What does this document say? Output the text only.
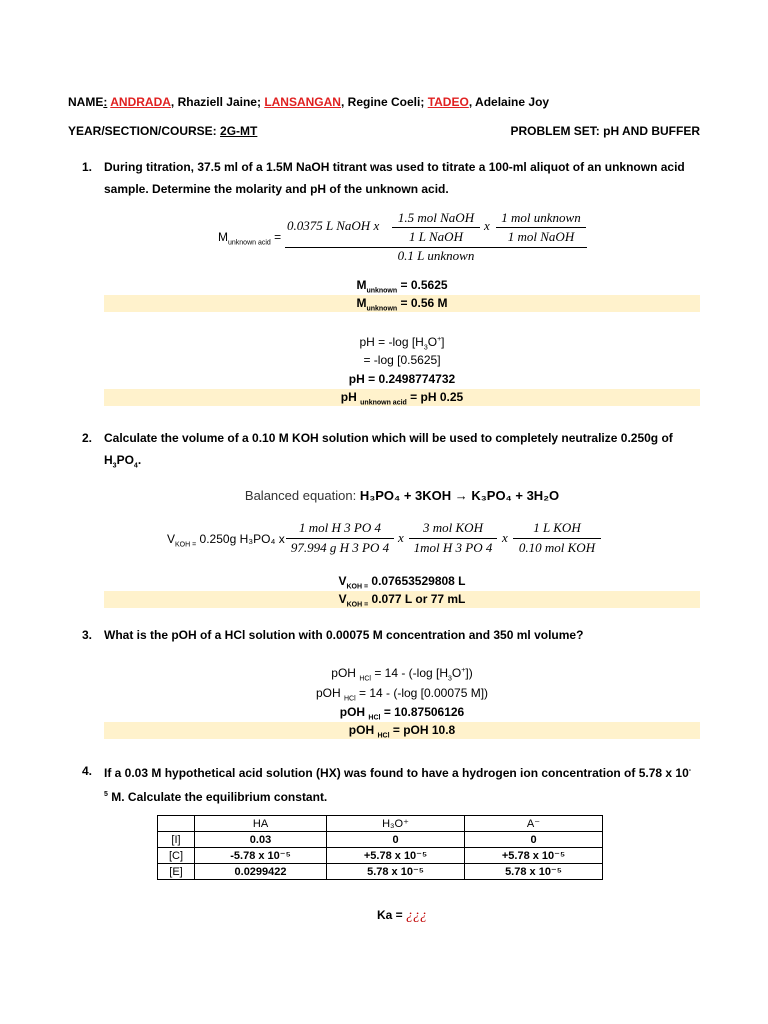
NAME: ANDRADA, Rhaziell Jaine; LANSANGAN, Regine Coeli; TADEO, Adelaine Joy
YEAR/SECTION/COURSE: 2G-MT	PROBLEM SET: pH AND BUFFER
1. During titration, 37.5 ml of a 1.5M NaOH titrant was used to titrate a 100-ml aliquot of an unknown acid sample. Determine the molarity and pH of the unknown acid.
$M_{unknown acid}$ =
0.0375 L NaOH x
1.5 mol NaOH
1 L NaOH
x
1 mol unknown
1 mol NaOH
0.1 L unknown
$M_{unknown} = 0.5625$
$M_{unknown} = 0.56$ M
pH = -log $[H_3O^+]$
= -log [0.5625]
pH = 0.2498774732
pH $_{unknown acid}$ = pH 0.25
2. Calculate the volume of a 0.10 M KOH solution which will be used to completely neutralize 0.250g of
$H_3PO_4$.
Balanced equation: H₃PO₄ + 3KOH → K₃PO₄ + 3H₂O
$V_{KOH =}$ 0.250g H₃PO₄ x
1 mol H 3 PO 4
97.994 g H 3 PO 4
x
3 mol KOH
1mol H 3 PO 4
x
1 L KOH
0.10 mol KOH
$V_{KOH =}$ 0.07653529808 L
$V_{KOH =}$ 0.077 L or 77 mL
3. What is the pOH of a HCl solution with 0.00075 M concentration and 350 ml volume?
pOH $_{HCl}$ = 14 - (-log $[H_3O^+]$)
pOH $_{HCl}$ = 14 - (-log [0.00075 M])
pOH $_{HCl}$ = 10.87506126
pOH $_{HCl}$ = pOH 10.8
4. If a 0.03 M hypothetical acid solution (HX) was found to have a hydrogen ion concentration of 5.78 x 10-
$^5$ M. Calculate the equilibrium constant.
	HA	H₃O⁺	A⁻
[I]	0.03	0	0
[C]	-5.78 x 10⁻⁵	+5.78 x 10⁻⁵	+5.78 x 10⁻⁵
[E]	0.0299422	5.78 x 10⁻⁵	5.78 x 10⁻⁵
Ka = ¿¿¿
